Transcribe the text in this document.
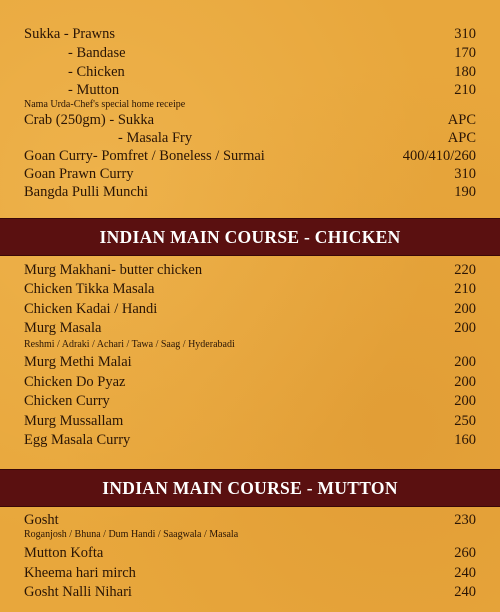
Sukka - Prawns	310
- Bandase	170
- Chicken	180
- Mutton	210
Nama Urda-Chef's special home receipe
Crab (250gm) - Sukka	APC
- Masala Fry	APC
Goan Curry- Pomfret / Boneless / Surmai	400/410/260
Goan Prawn Curry	310
Bangda Pulli Munchi	190
INDIAN MAIN COURSE - CHICKEN
Murg Makhani- butter chicken	220
Chicken Tikka Masala	210
Chicken Kadai / Handi	200
Murg Masala	200
Reshmi / Adraki / Achari / Tawa / Saag / Hyderabadi
Murg Methi Malai	200
Chicken Do Pyaz	200
Chicken Curry	200
Murg Mussallam	250
Egg Masala Curry	160
INDIAN MAIN COURSE - MUTTON
Gosht	230
Roganjosh / Bhuna / Dum Handi / Saagwala / Masala
Mutton Kofta	260
Kheema hari mirch	240
Gosht Nalli Nihari	240
